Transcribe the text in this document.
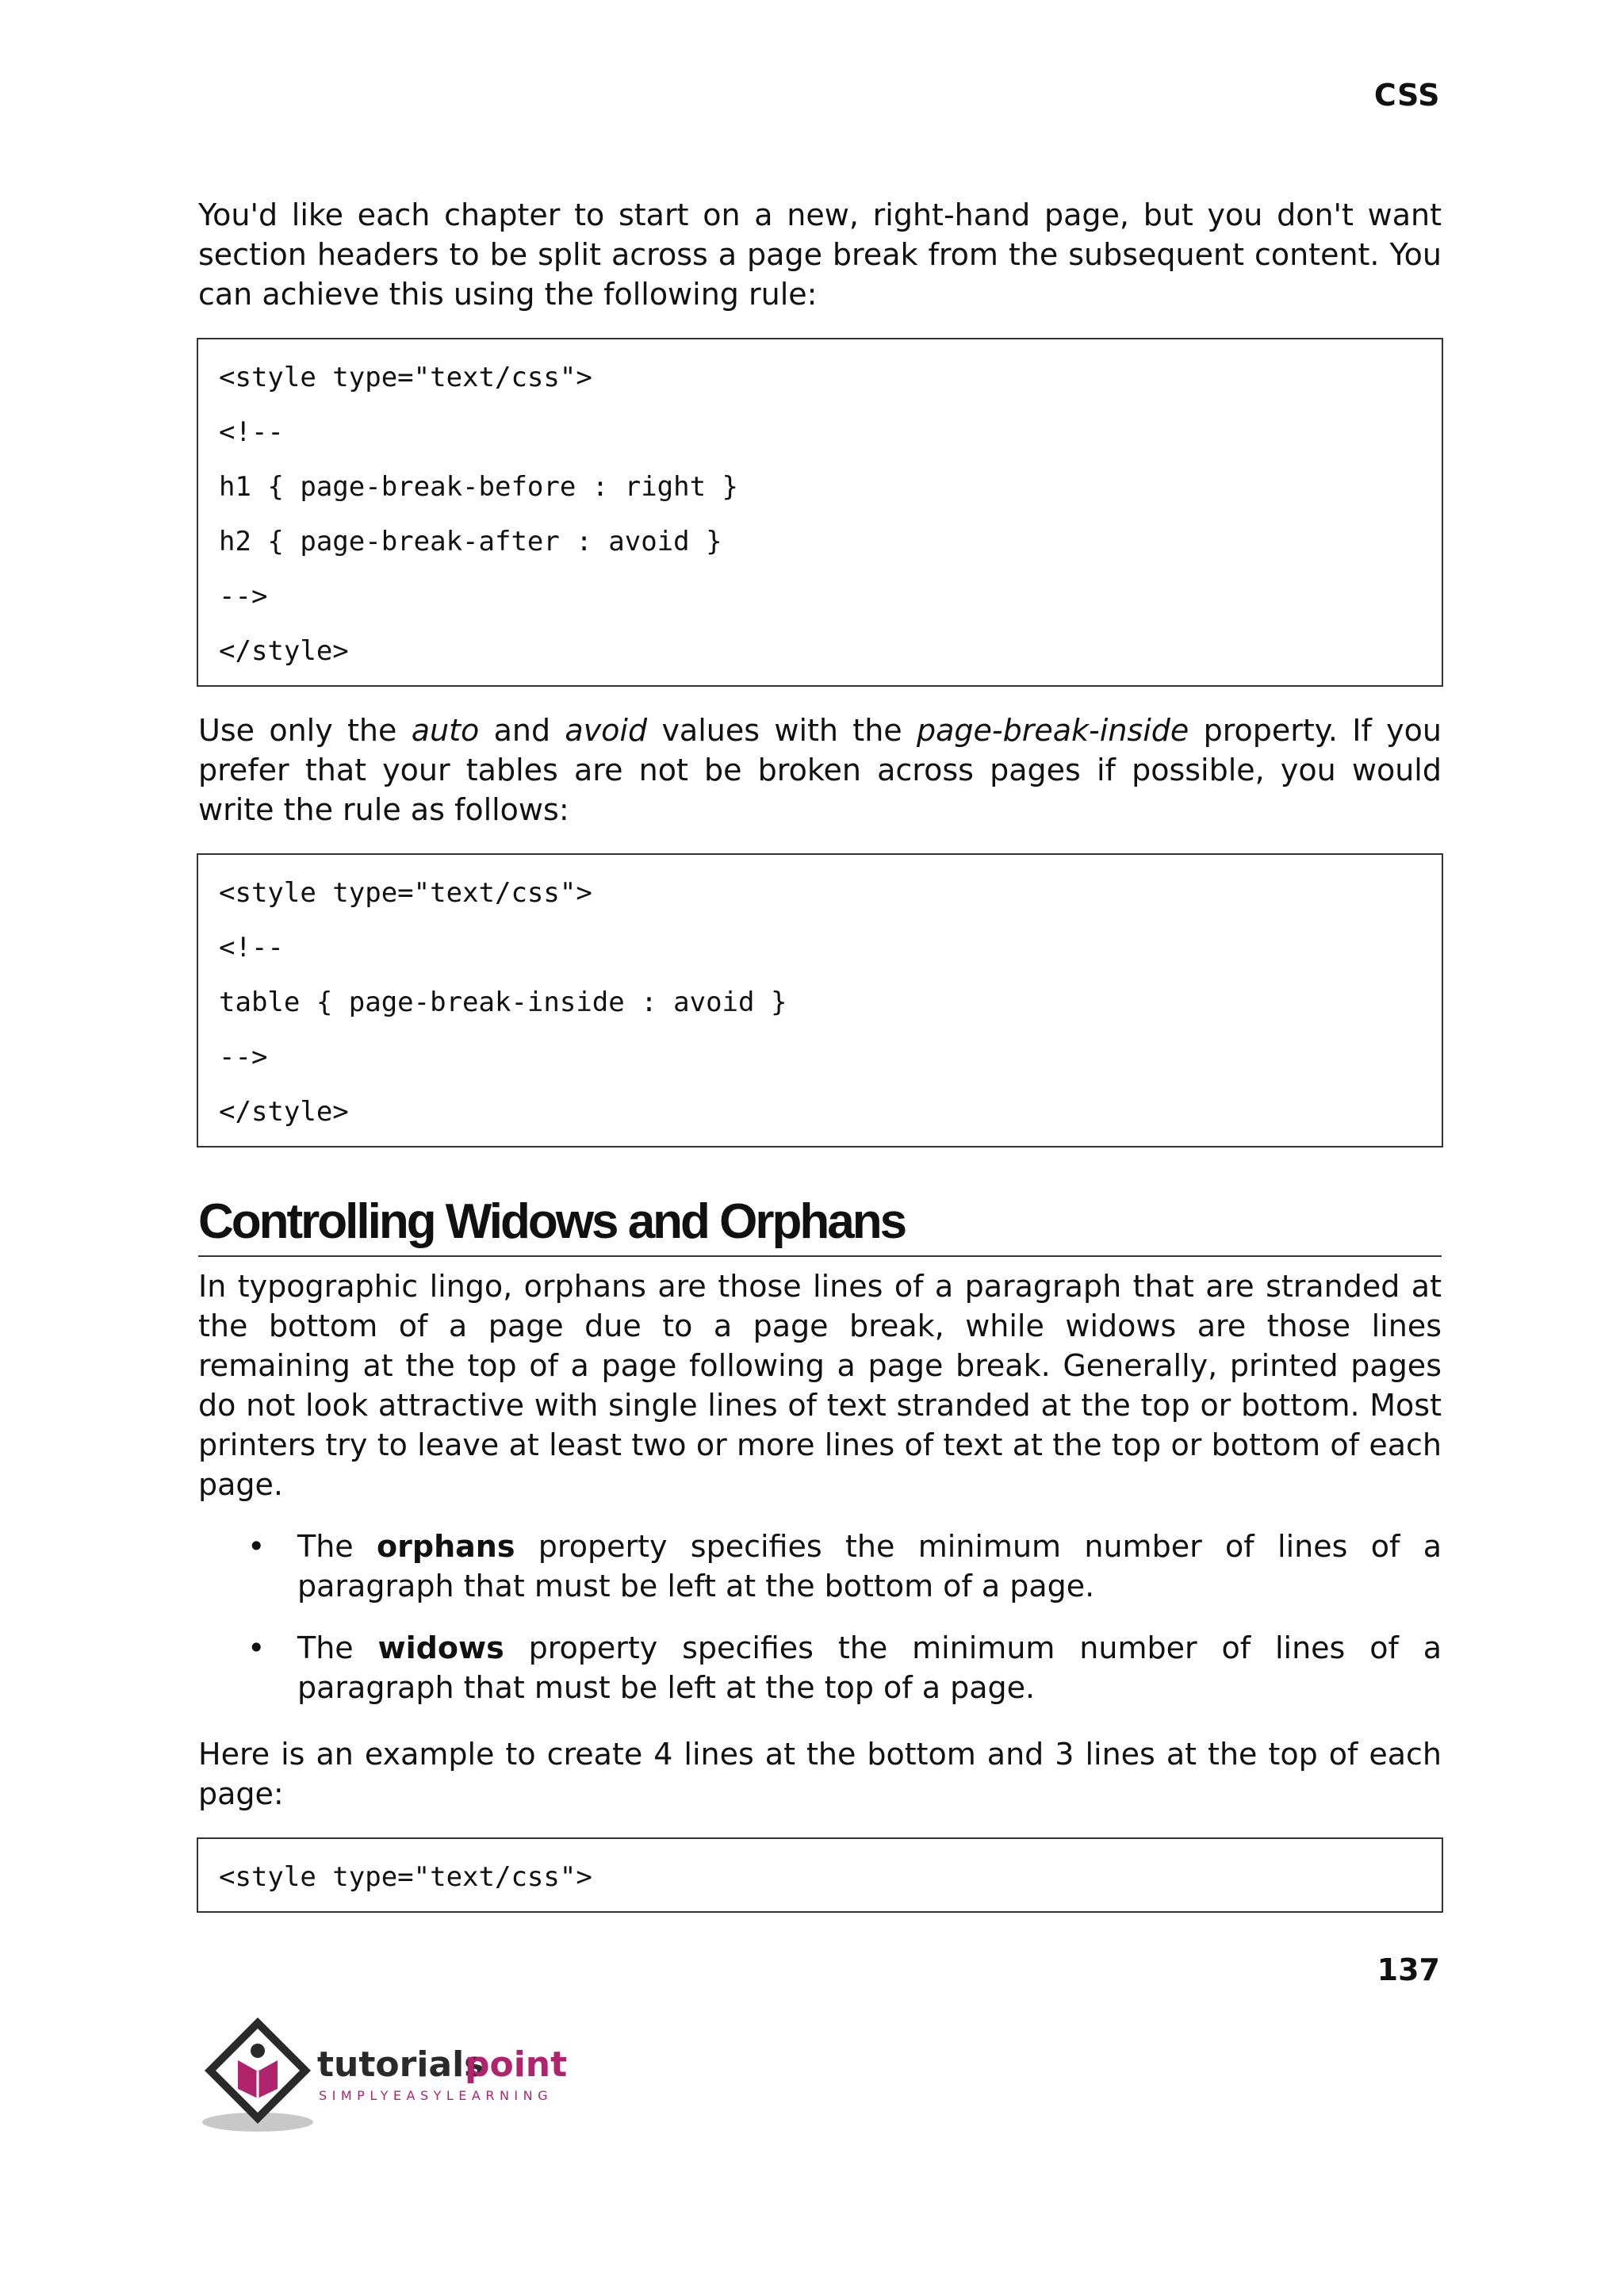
CSS

You'd like each chapter to start on a new, right-hand page, but you don't want section headers to be split across a page break from the subsequent content. You can achieve this using the following rule:

<style type="text/css">
<!--
h1 { page-break-before : right }
h2 { page-break-after : avoid }
-->
</style>

Use only the auto and avoid values with the page-break-inside property. If you prefer that your tables are not be broken across pages if possible, you would write the rule as follows:

<style type="text/css">
<!--
table { page-break-inside : avoid }
-->
</style>
Controlling Widows and Orphans

In typographic lingo, orphans are those lines of a paragraph that are stranded at the bottom of a page due to a page break, while widows are those lines remaining at the top of a page following a page break. Generally, printed pages do not look attractive with single lines of text stranded at the top or bottom. Most printers try to leave at least two or more lines of text at the top or bottom of each page.

• The orphans property specifies the minimum number of lines of a paragraph that must be left at the bottom of a page.
• The widows property specifies the minimum number of lines of a paragraph that must be left at the top of a page.

Here is an example to create 4 lines at the bottom and 3 lines at the top of each page:

<style type="text/css">
137
tutorials
point
SIMPLYEASYLEARNING
